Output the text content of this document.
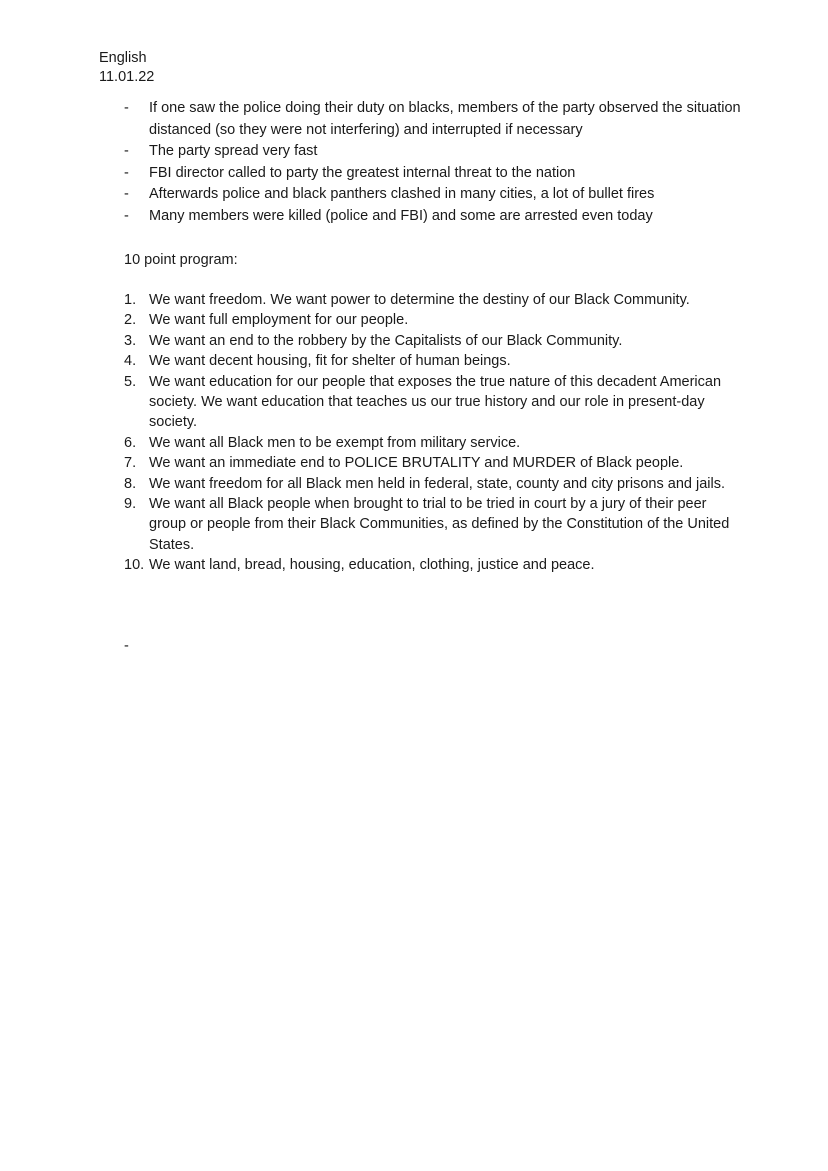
English
11.01.22
- If one saw the police doing their duty on blacks, members of the party observed the situation distanced (so they were not interfering) and interrupted if necessary
- The party spread very fast
- FBI director called to party the greatest internal threat to the nation
- Afterwards police and black panthers clashed in many cities, a lot of bullet fires
- Many members were killed (police and FBI) and some are arrested even today
10 point program:
1. We want freedom. We want power to determine the destiny of our Black Community.
2. We want full employment for our people.
3. We want an end to the robbery by the Capitalists of our Black Community.
4. We want decent housing, fit for shelter of human beings.
5. We want education for our people that exposes the true nature of this decadent American society. We want education that teaches us our true history and our role in present-day society.
6. We want all Black men to be exempt from military service.
7. We want an immediate end to POLICE BRUTALITY and MURDER of Black people.
8. We want freedom for all Black men held in federal, state, county and city prisons and jails.
9. We want all Black people when brought to trial to be tried in court by a jury of their peer group or people from their Black Communities, as defined by the Constitution of the United States.
10. We want land, bread, housing, education, clothing, justice and peace.
-
